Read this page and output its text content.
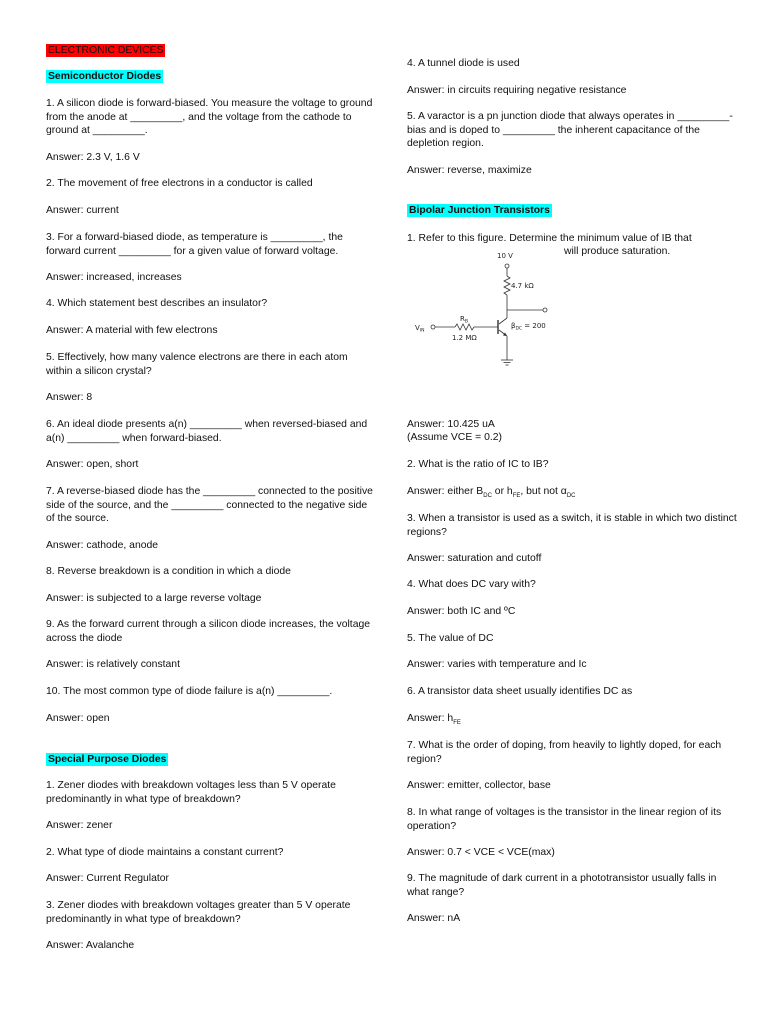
ELECTRONIC DEVICES
Semiconductor Diodes
1. A silicon diode is forward-biased. You measure the voltage to ground from the anode at _________, and the voltage from the cathode to ground at _________.
Answer: 2.3 V, 1.6 V
2. The movement of free electrons in a conductor is called
Answer: current
3. For a forward-biased diode, as temperature is _________, the forward current _________ for a given value of forward voltage.
Answer: increased, increases
4. Which statement best describes an insulator?
Answer: A material with few electrons
5. Effectively, how many valence electrons are there in each atom within a silicon crystal?
Answer: 8
6. An ideal diode presents a(n) _________ when reversed-biased and a(n) _________ when forward-biased.
Answer: open, short
7. A reverse-biased diode has the _________ connected to the positive side of the source, and the _________ connected to the negative side of the source.
Answer: cathode, anode
8. Reverse breakdown is a condition in which a diode
Answer: is subjected to a large reverse voltage
9. As the forward current through a silicon diode increases, the voltage across the diode
Answer: is relatively constant
10. The most common type of diode failure is a(n) _________.
Answer: open
Special Purpose Diodes
1. Zener diodes with breakdown voltages less than 5 V operate predominantly in what type of breakdown?
Answer: zener
2. What type of diode maintains a constant current?
Answer: Current Regulator
3. Zener diodes with breakdown voltages greater than 5 V operate predominantly in what type of breakdown?
Answer: Avalanche
4. A tunnel diode is used
Answer: in circuits requiring negative resistance
5. A varactor is a pn junction diode that always operates in _________-bias and is doped to _________ the inherent capacitance of the depletion region.
Answer: reverse, maximize
Bipolar Junction Transistors
1. Refer to this figure. Determine the minimum value of IB that
will produce saturation.
Answer: 10.425 uA
(Assume VCE = 0.2)
2. What is the ratio of IC to IB?
Answer: either $B_{DC}$ or $h_{FE}$, but not $\alpha_{DC}$
3. When a transistor is used as a switch, it is stable in which two distinct regions?
Answer: saturation and cutoff
4. What does DC vary with?
Answer: both IC and ºC
5. The value of DC
Answer: varies with temperature and Ic
6. A transistor data sheet usually identifies DC as
Answer: $h_{FE}$
7. What is the order of doping, from heavily to lightly doped, for each region?
Answer: emitter, collector, base
8. In what range of voltages is the transistor in the linear region of its operation?
Answer: 0.7 < VCE < VCE(max)
9. The magnitude of dark current in a phototransistor usually falls in what range?
Answer: nA
10 V
4.7 kΩ
$V_{IN}$
$R_B$
1.2 MΩ
$\beta_{DC} = 200$
